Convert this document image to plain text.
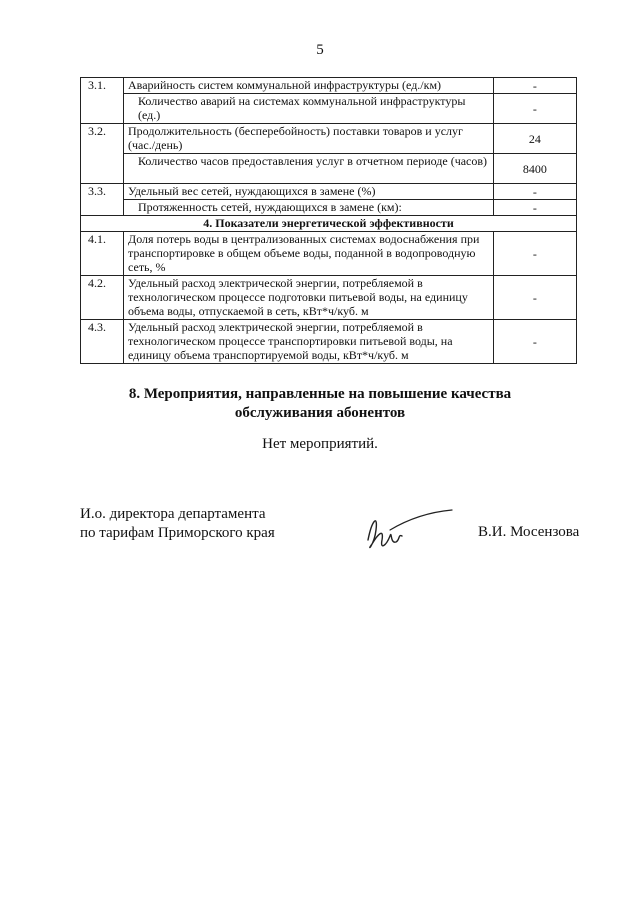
5
3.1.	Аварийность систем коммунальной инфраструктуры (ед./км)	-
	Количество аварий на системах коммунальной инфраструктуры (ед.)	-
3.2.	Продолжительность (бесперебойность) поставки товаров и услуг (час./день)	24
	Количество часов предоставления услуг в отчетном периоде (часов)	8400
3.3.	Удельный вес сетей, нуждающихся в замене (%)	-
	Протяженность сетей, нуждающихся в замене (км):	-
4. Показатели энергетической эффективности		
4.1.	Доля потерь воды в централизованных системах водоснабжения при транспортировке в общем объеме воды, поданной в водопроводную сеть, %	-
4.2.	Удельный расход электрической энергии, потребляемой в технологическом процессе подготовки питьевой воды, на единицу объема воды, отпускаемой в сеть, кВт*ч/куб. м	-
4.3.	Удельный расход электрической энергии, потребляемой в технологическом процессе транспортировки питьевой воды, на единицу объема транспортируемой воды, кВт*ч/куб. м	-
8. Мероприятия, направленные на повышение качества
обслуживания абонентов
Нет мероприятий.
И.о. директора департамента
по тарифам Приморского края	В.И. Мосензова
